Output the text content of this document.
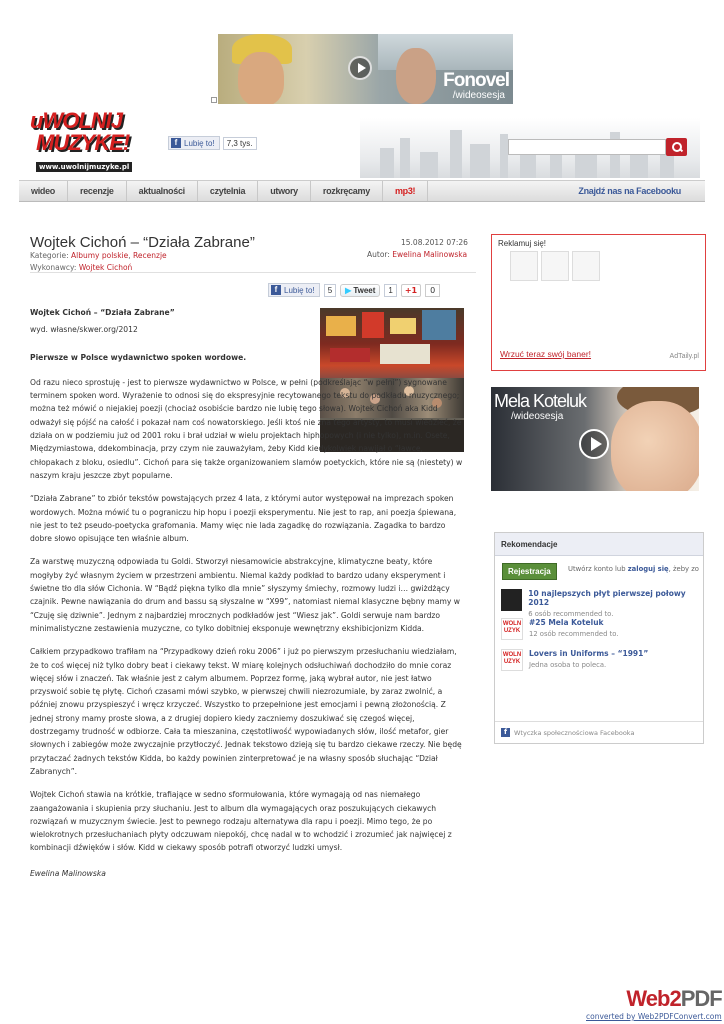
Fonovel
/wideosesja
uWOLNIJ
MUZYKE!
www.uwolnijmuzyke.pl
f Lubię to!	7,3 tys.
wideo	recenzje	aktualności	czytelnia	utwory	rozkręcamy	mp3!	Znajdź nas na Facebooku
Wojtek Cichoń – “Działa Zabrane”
Kategorie: Albumy polskie, Recenzje
Wykonawcy: Wojtek Cichoń
15.08.2012 07:26
Autor: Ewelina Malinowska
f Lubię to!	5	▶ Tweet	1	+1	0

Wojtek Cichoń – “Działa Zabrane”

wyd. własne/skwer.org/2012

Pierwsze w Polsce wydawnictwo spoken wordowe.

Od razu nieco sprostuję - jest to pierwsze wydawnictwo w Polsce, w pełni (podkreślając “w pełni”) sygnowane terminem spoken word. Wyrażenie to odnosi się do ekspresyjnie recytowanego tekstu do podkładu muzycznego; można też mówić o niejakiej poezji (chociaż osobiście bardzo nie lubię tego słowa). Wojtek Cichoń aka Kidd odważył się pójść na całość i pokazał nam coś nowatorskiego. Jeśli ktoś nie zna tego artysty, to musi wiedzieć, że działa on w podziemiu już od 2001 roku i brał udział w wielu projektach hiphopowych (i nie tylko), m.in. Osete, Międzymiastowa, ddekombinacja, przy czym nie zauważyłam, żeby Kidd kiedykolwiek nawijał o “ławce, chłopakach z bloku, osiedlu”. Cichoń para się także organizowaniem slamów poetyckich, które nie są (niestety) w naszym kraju jeszcze zbyt popularne.

“Działa Zabrane” to zbiór tekstów powstających przez 4 lata, z którymi autor występował na imprezach spoken wordowych. Można mówić tu o pograniczu hip hopu i poezji eksperymentu. Nie jest to rap, ani poezja śpiewana, nie jest to też pseudo-poetycka grafomania. Mamy więc nie lada zagadkę do rozwiązania. Zagadka to bardzo dobre słowo opisujące ten właśnie album.

Za warstwę muzyczną odpowiada tu Goldi. Stworzył niesamowicie abstrakcyjne, klimatyczne beaty, które mogłyby żyć własnym życiem w przestrzeni ambientu. Niemal każdy podkład to bardzo udany eksperyment i świetne tło dla słów Cichonia. W “Bądź piękna tylko dla mnie” słyszymy śmiechy, rozmowy ludzi i… gwiżdżący czajnik. Pewne nawiązania do drum and bassu są słyszalne w “X99”, natomiast niemal klasyczne bębny mamy w “Czuję się dziwnie”. Jednym z najbardziej mrocznych podkładów jest “Wiesz jak”. Goldi serwuje nam bardzo minimalistyczne zestawienia muzyczne, co tylko dobitniej eksponuje wewnętrzny ekshibicjonizm Kidda.

Całkiem przypadkowo trafiłam na “Przypadkowy dzień roku 2006” i już po pierwszym przesłuchaniu wiedziałam, że to coś więcej niż tylko dobry beat i ciekawy tekst. W miarę kolejnych odsłuchiwań dochodziło do mnie coraz więcej słów i znaczeń. Tak właśnie jest z całym albumem. Poprzez formę, jaką wybrał autor, nie jest łatwo przyswoić sobie tę płytę. Cichoń czasami mówi szybko, w pierwszej chwili niezrozumiale, by zaraz zwolnić, a później znowu przyspieszyć i wręcz krzyczeć. Wszystko to przepełnione jest emocjami i pewną złożonością. Z jednej strony mamy proste słowa, a z drugiej dopiero kiedy zaczniemy doszukiwać się czegoś więcej, dostrzegamy trudność w odbiorze. Cała ta mieszanina, częstotliwość wypowiadanych słów, ilość metafor, gier słownych i zabiegów może zwyczajnie przytłoczyć. Jednak tekstowo dzieją się tu bardzo ciekawe rzeczy. Nie będę przytaczać żadnych tekstów Kidda, bo każdy powinien zinterpretować je na własny sposób słuchając “Dział Zabranych”.

Wojtek Cichoń stawia na krótkie, trafiające w sedno sformułowania, które wymagają od nas niemałego zaangażowania i skupienia przy słuchaniu. Jest to album dla wymagających oraz poszukujących ciekawych rozwiązań w muzycznym świecie. Jest to pewnego rodzaju alternatywa dla rapu i poezji. Mimo tego, że po wielokrotnych przesłuchaniach płyty odczuwam niepokój, chcę nadal w to wchodzić i zrozumieć jak najwięcej z kombinacji dźwięków i słów. Kidd w ciekawy sposób potrafi otworzyć ludzki umysł.

Ewelina Malinowska

Reklamuj się!
Wrzuć teraz swój baner!	AdTaily.pl
Mela Koteluk
/wideosesja
Rekomendacje
Rejestracja	Utwórz konto lub zaloguj się, żeby zo
10 najlepszych płyt pierwszej połowy 2012
6 osób recommended to.
WOLN
UZYK
#25 Mela Koteluk
12 osób recommended to.
WOLN
UZYK
Lovers in Uniforms – “1991”
Jedna osoba to poleca.
f	Wtyczka społecznościowa Facebooka
Web2PDF
converted by Web2PDFConvert.com
